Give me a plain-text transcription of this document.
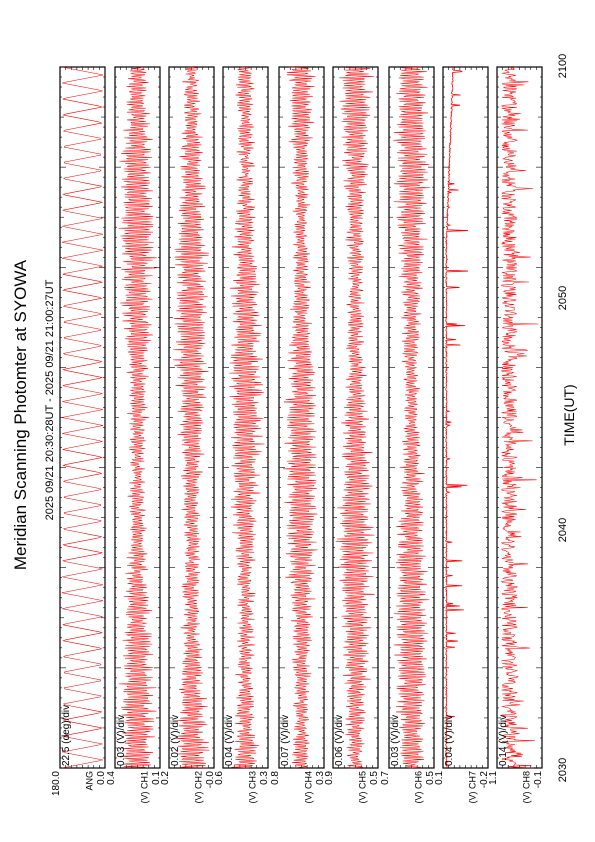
Meridian Scanning Photomter at SYOWA 2025 09/21 20:30:28UT - 2025 09/21 21:00:27UT	TIME(UT)
2030
2040
2050
2100
22.5 (deg)/div
180.0	0.0
ANG
0.03 (V)/div
0.4	0.1
(V) CH1
0.02 (V)/div
0.2	-0.0
(V) CH2
0.04 (V)/div
0.6	0.3
(V) CH3
0.07 (V)/div
0.8	0.3
(V) CH4
0.06 (V)/div
0.9	0.5
(V) CH5
0.03 (V)/div
0.7	0.5
(V) CH6
0.04 (V)/div
0.1	-0.2
(V) CH7
0.14 (V)/div
1.1	-0.1
(V) CH8
